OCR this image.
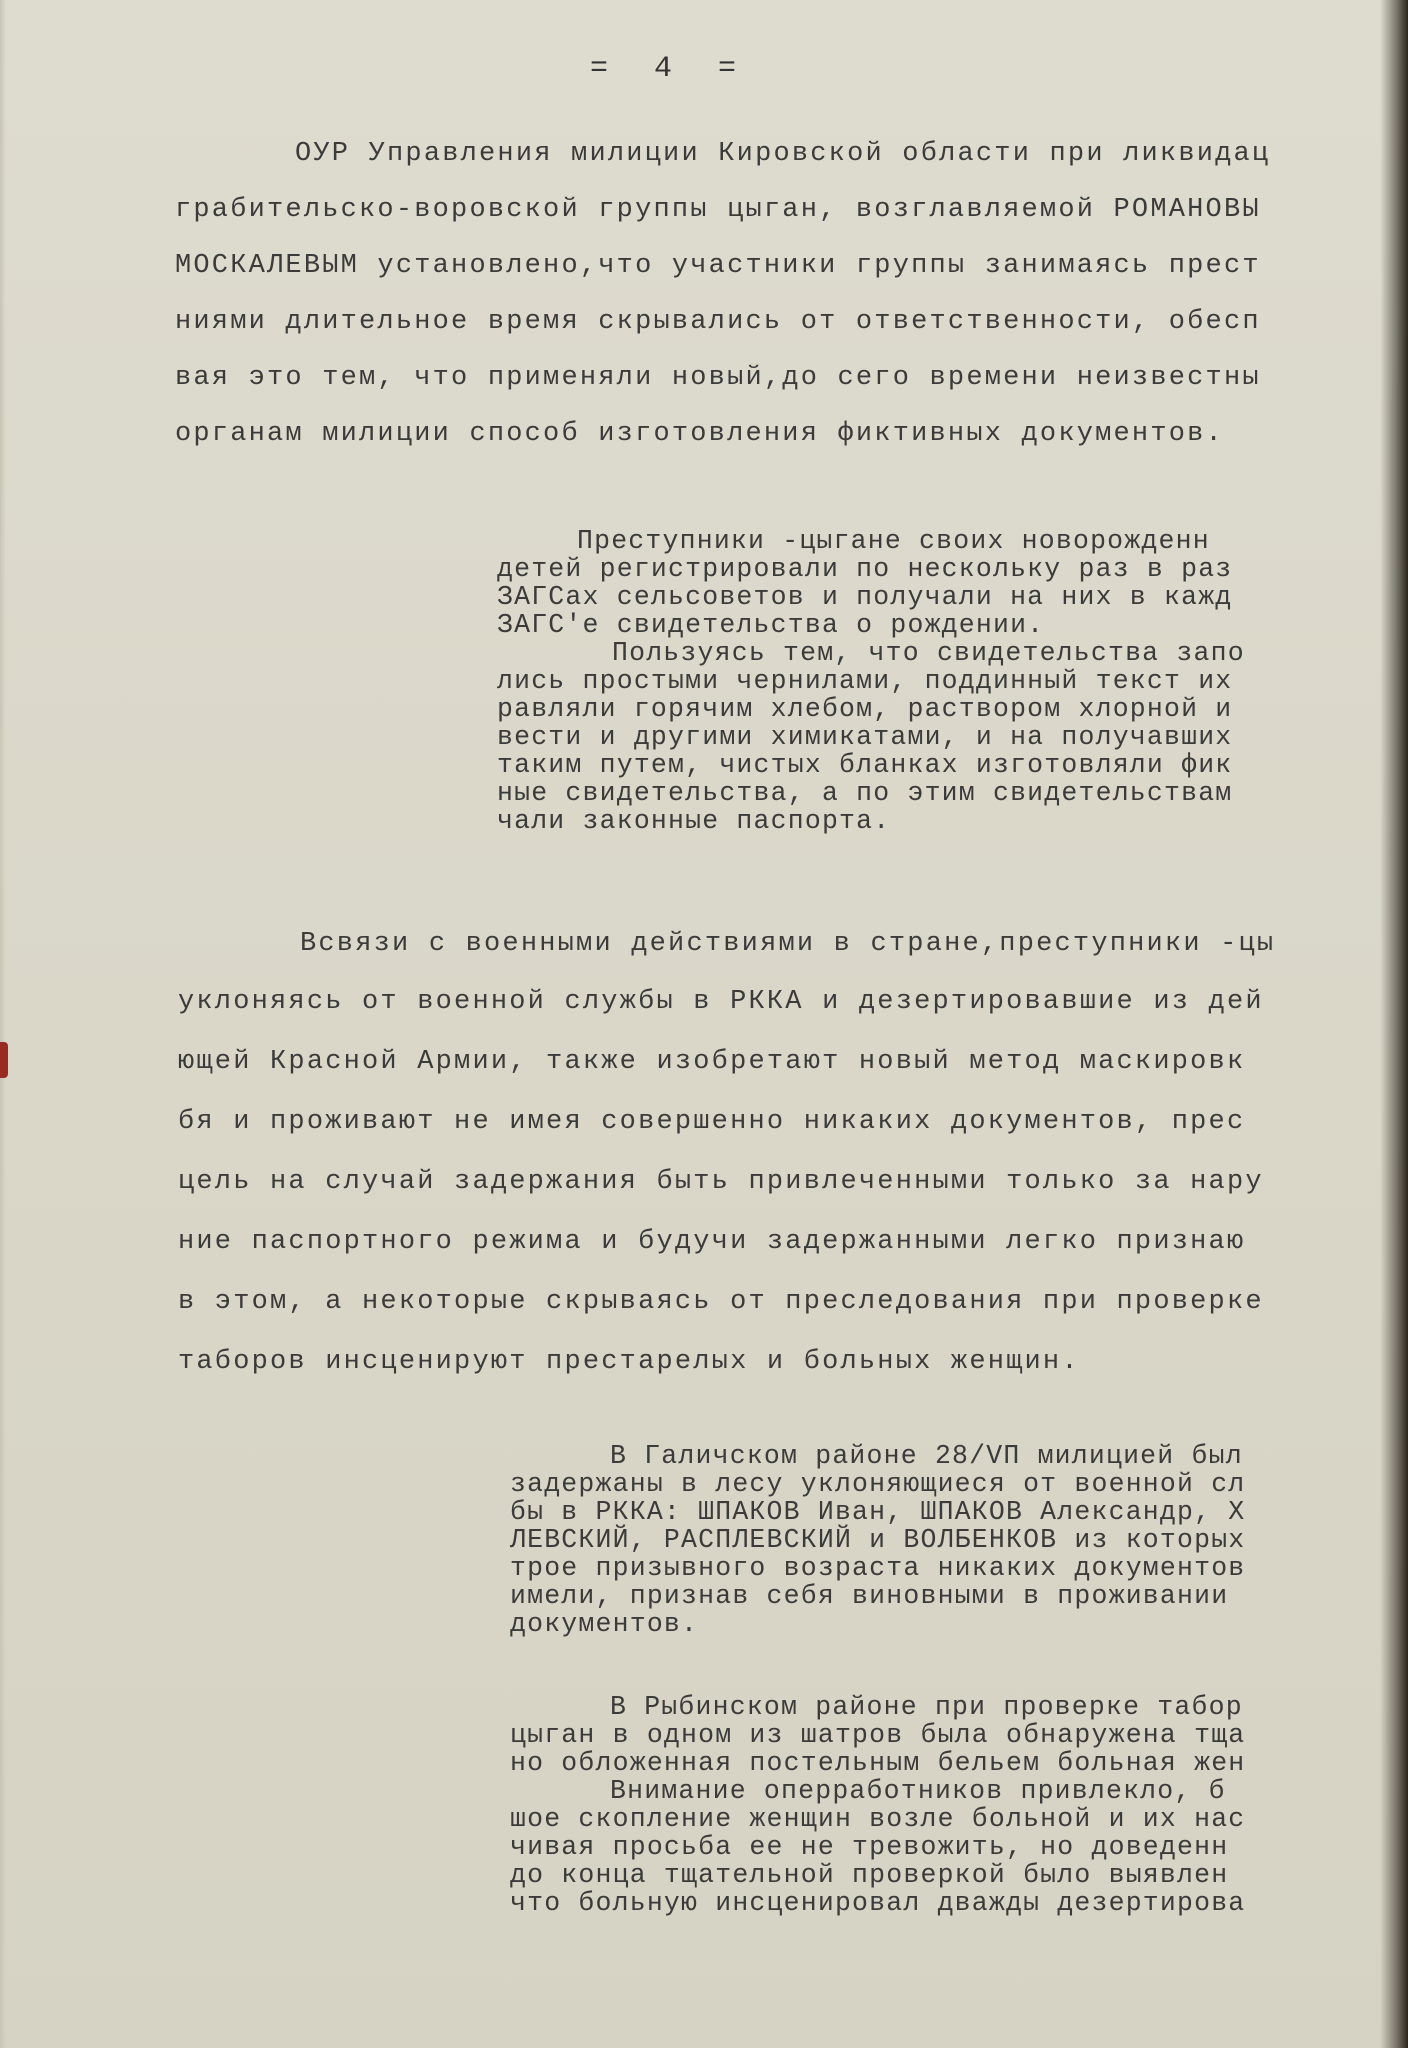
= 4 =
ОУР Управления милиции Кировской области при ликвидац
грабительско-воровской группы цыган, возглавляемой РОМАНОВЫ
МОСКАЛЕВЫМ установлено,что участники группы занимаясь прест
ниями длительное время скрывались от ответственности, обесп
вая это тем, что применяли новый,до сего времени неизвестны
органам милиции способ изготовления фиктивных документов.
Преступники -цыгане своих новорожденн
детей регистрировали по нескольку раз в раз
ЗАГСах сельсоветов и получали на них в кажд
ЗАГС'е свидетельства о рождении.
Пользуясь тем, что свидетельства запо
лись простыми чернилами, поддинный текст их
равляли горячим хлебом, раствором хлорной и
вести и другими химикатами, и на получавших
таким путем, чистых бланках изготовляли фик
ные свидетельства, а по этим свидетельствам
чали законные паспорта.
Всвязи с военными действиями в стране,преступники -цы
уклоняясь от военной службы в РККА и дезертировавшие из дей
ющей Красной Армии, также изобретают новый метод маскировк
бя и проживают не имея совершенно никаких документов, прес
цель на случай задержания быть привлеченными только за нару
ние паспортного режима и будучи задержанными легко признаю
в этом, а некоторые скрываясь от преследования при проверке
таборов инсценируют престарелых и больных женщин.
В Галичском районе 28/VП милицией был
задержаны в лесу уклоняющиеся от военной сл
бы в РККА: ШПАКОВ Иван, ШПАКОВ Александр, Х
ЛЕВСКИЙ, РАСПЛЕВСКИЙ и ВОЛБЕНКОВ из которых
трое призывного возраста никаких документов
имели, признав себя виновными в проживании
документов.
В Рыбинском районе при проверке табор
цыган в одном из шатров была обнаружена тща
но обложенная постельным бельем больная жен
Внимание оперработников привлекло, б
шое скопление женщин возле больной и их нас
чивая просьба ее не тревожить, но доведенн
до конца тщательной проверкой было выявлен
что больную инсценировал дважды дезертирова
